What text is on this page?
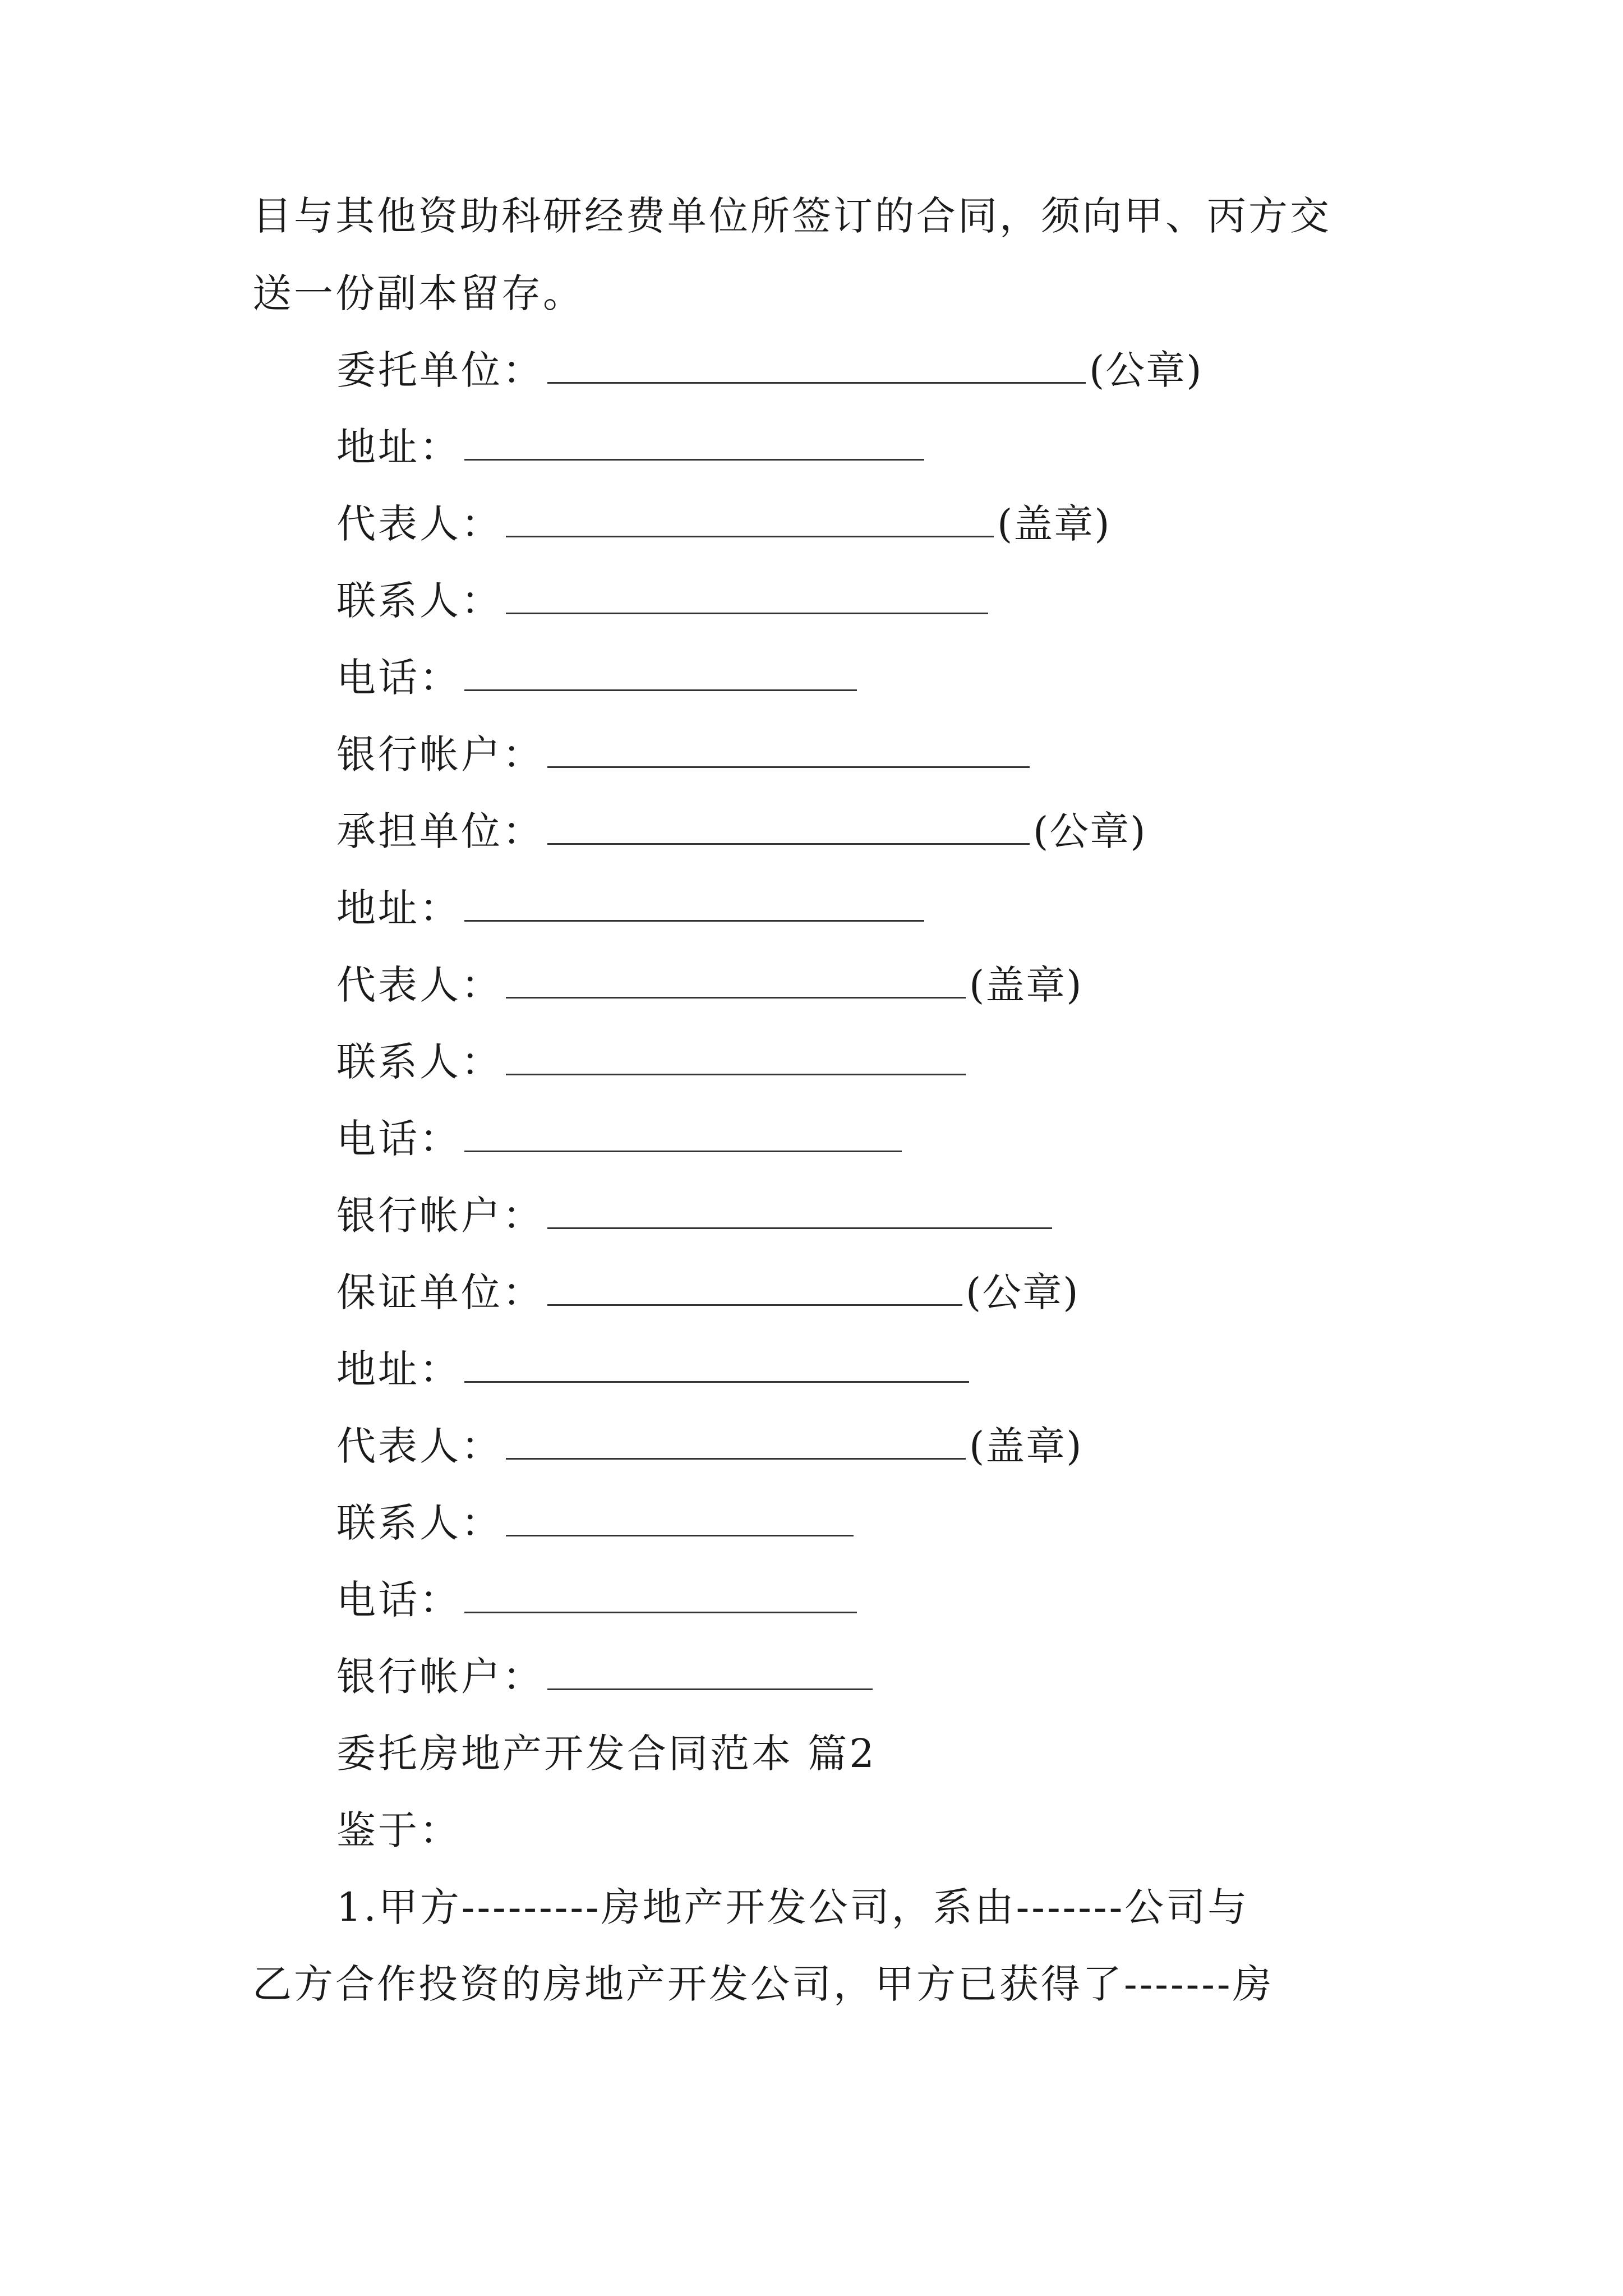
目与其他资助科研经费单位所签订的合同，须向甲、丙方交
送一份副本留存。
委托单位：	(公章)
地址：
代表人：	(盖章)
联系人：
电话：
银行帐户：
承担单位：	(公章)
地址：
代表人：	(盖章)
联系人：
电话：
银行帐户：
保证单位：	(公章)
地址：
代表人：	(盖章)
联系人：
电话：
银行帐户：
委托房地产开发合同范本 篇2
鉴于：
1.甲方---------房地产开发公司，系由-------公司与
乙方合作投资的房地产开发公司，甲方已获得了-------房
